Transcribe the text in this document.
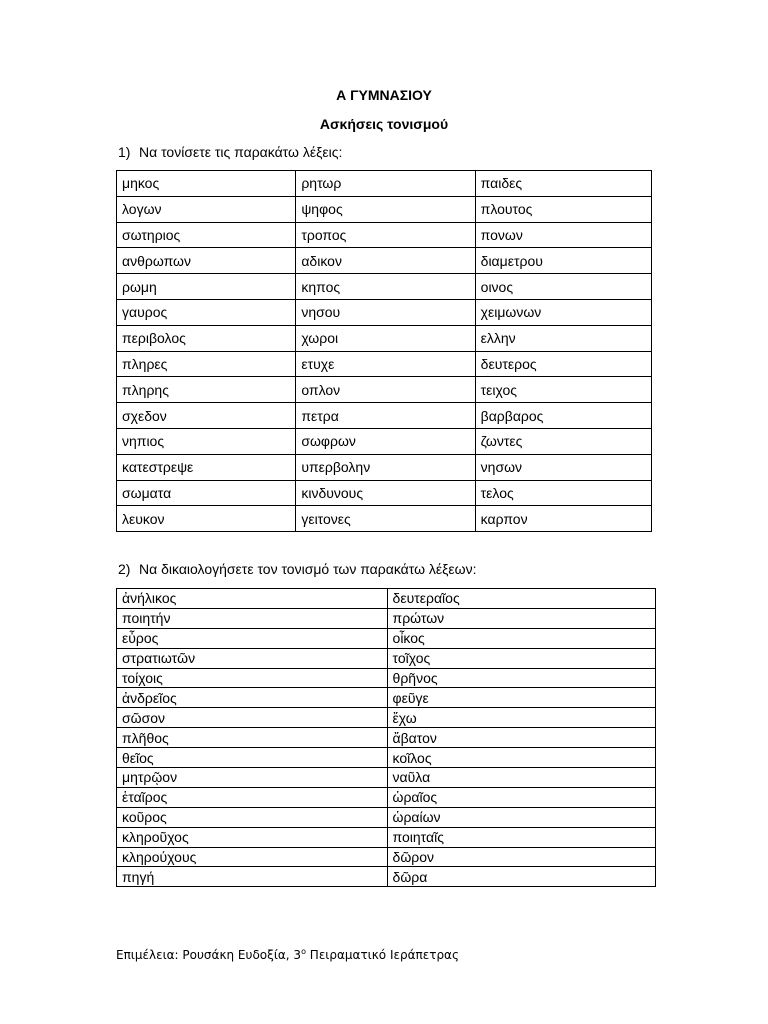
Α ΓΥΜΝΑΣΙΟΥ
Ασκήσεις τονισμού
1) Να τονίσετε τις παρακάτω λέξεις:
μηκος	ρητωρ	παιδες
λογων	ψηφος	πλουτος
σωτηριος	τροπος	πονων
ανθρωπων	αδικον	διαμετρου
ρωμη	κηπος	οινος
γαυρος	νησου	χειμωνων
περιβολος	χωροι	ελλην
πληρες	ετυχε	δευτερος
πληρης	οπλον	τειχος
σχεδον	πετρα	βαρβαρος
νηπιος	σωφρων	ζωντες
κατεστρεψε	υπερβολην	νησων
σωματα	κινδυνους	τελος
λευκον	γειτονες	καρπον
2) Να δικαιολογήσετε τον τονισμό των παρακάτω λέξεων:
ἀνήλικος	δευτεραῖος
ποιητήν	πρώτων
εὖρος	οἶκος
στρατιωτῶν	τοῖχος
τοίχοις	θρῆνος
ἀνδρεῖος	φεῦγε
σῶσον	ἔχω
πλῆθος	ἄβατον
θεῖος	κοῖλος
μητρῷον	ναῦλα
ἑταῖρος	ὡραῖος
κοῦρος	ὡραίων
κληροῦχος	ποιηταῖς
κληρούχους	δῶρον
πηγή	δῶρα
Επιμέλεια: Ρουσάκη Ευδοξία, $3^o$ Πειραματικό Ιεράπετρας
